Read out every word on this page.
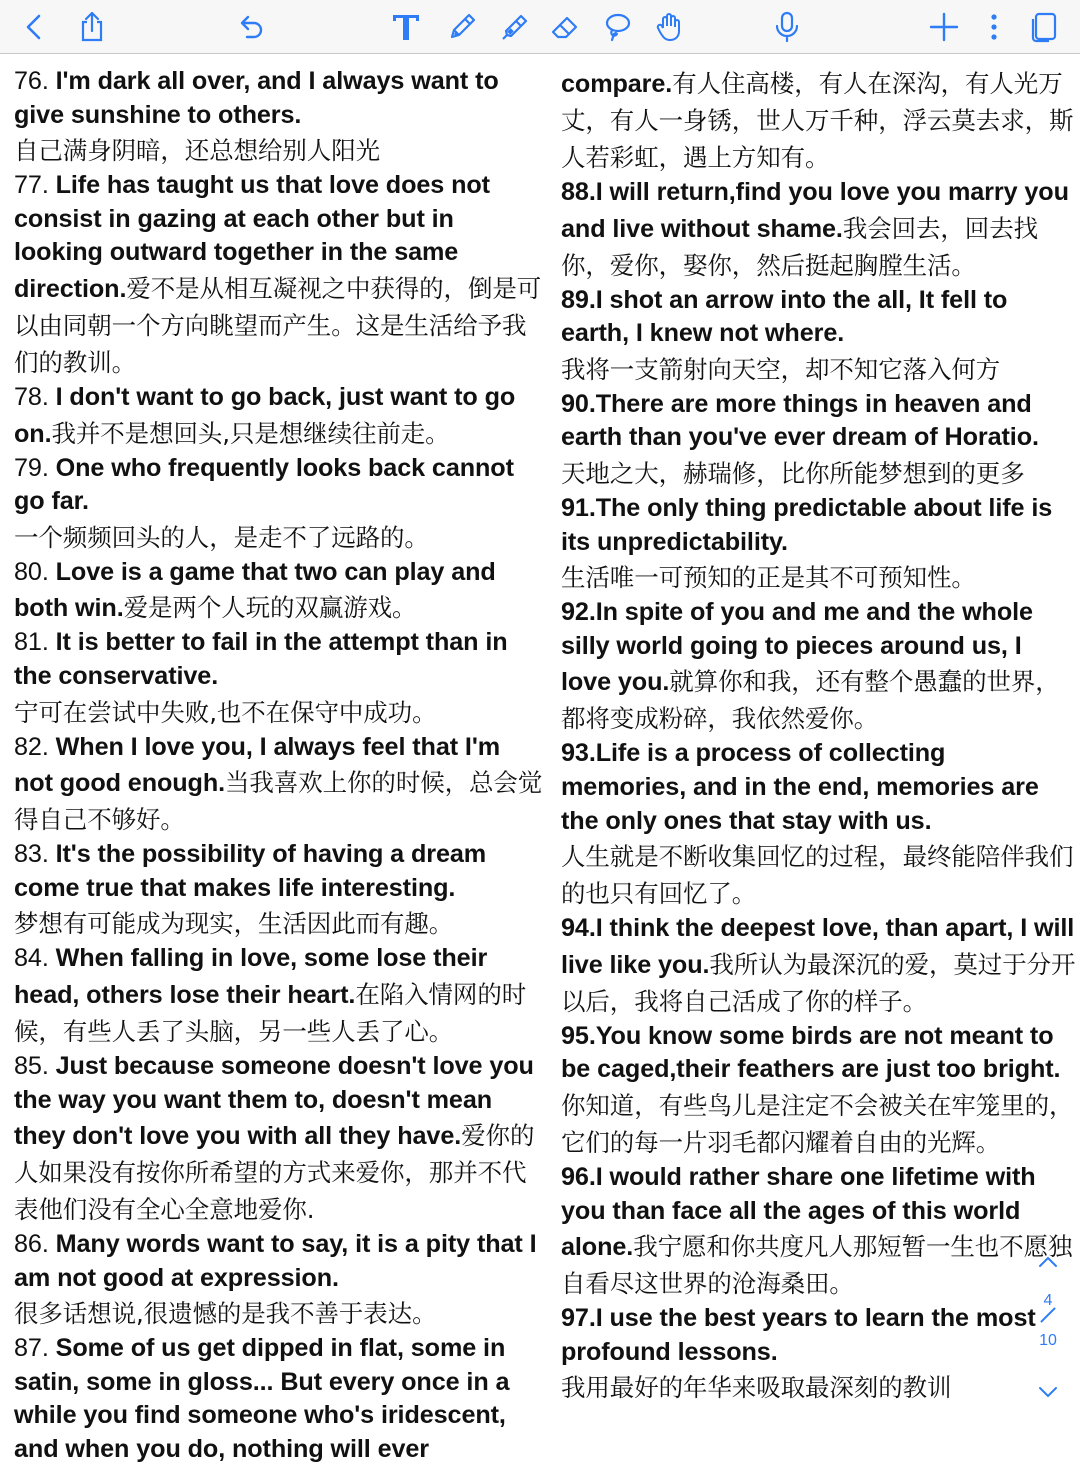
76. I'm dark all over, and I always want to give sunshine to others.
自己满身阴暗，还总想给别人阳光
77. Life has taught us that love does not consist in gazing at each other but in looking outward together in the same direction.爱不是从相互凝视之中获得的，倒是可以由同朝一个方向眺望而产生。这是生活给予我们的教训。
78. I don't want to go back, just want to go on.我并不是想回头,只是想继续往前走。
79. One who frequently looks back cannot go far.
一个频频回头的人，是走不了远路的。
80. Love is a game that two can play and both win.爱是两个人玩的双赢游戏。
81. It is better to fail in the attempt than in the conservative.
宁可在尝试中失败,也不在保守中成功。
82. When I love you, I always feel that I'm not good enough.当我喜欢上你的时候，总会觉得自己不够好。
83. It's the possibility of having a dream come true that makes life interesting.
梦想有可能成为现实，生活因此而有趣。
84. When falling in love, some lose their head, others lose their heart.在陷入情网的时候，有些人丢了头脑，另一些人丢了心。
85. Just because someone doesn't love you the way you want them to, doesn't mean they don't love you with all they have.爱你的人如果没有按你所希望的方式来爱你，那并不代表他们没有全心全意地爱你.
86. Many words want to say, it is a pity that I am not good at expression.
很多话想说,很遗憾的是我不善于表达。
87. Some of us get dipped in flat, some in satin, some in gloss... But every once in a while you find someone who's iridescent, and when you do, nothing will ever
compare.有人住高楼，有人在深沟，有人光万丈，有人一身锈，世人万千种，浮云莫去求，斯人若彩虹，遇上方知有。
88.I will return,find you love you marry you and live without shame.我会回去，回去找你，爱你，娶你，然后挺起胸膛生活。
89.I shot an arrow into the all, It fell to earth, I knew not where.
我将一支箭射向天空，却不知它落入何方
90.There are more things in heaven and earth than you've ever dream of Horatio.
天地之大，赫瑞修，比你所能梦想到的更多
91.The only thing predictable about life is its unpredictability.
生活唯一可预知的正是其不可预知性。
92.In spite of you and me and the whole silly world going to pieces around us, I love you.就算你和我，还有整个愚蠢的世界，都将变成粉碎，我依然爱你。
93.Life is a process of collecting memories, and in the end, memories are the only ones that stay with us.
人生就是不断收集回忆的过程，最终能陪伴我们的也只有回忆了。
94.I think the deepest love, than apart, I will live like you.我所认为最深沉的爱，莫过于分开以后，我将自己活成了你的样子。
95.You know some birds are not meant to be caged,their feathers are just too bright.你知道，有些鸟儿是注定不会被关在牢笼里的，它们的每一片羽毛都闪耀着自由的光辉。
96.I would rather share one lifetime with you than face all the ages of this world alone.我宁愿和你共度凡人那短暂一生也不愿独自看尽这世界的沧海桑田。
97.I use the best years to learn the most profound lessons.
我用最好的年华来吸取最深刻的教训
4
10
